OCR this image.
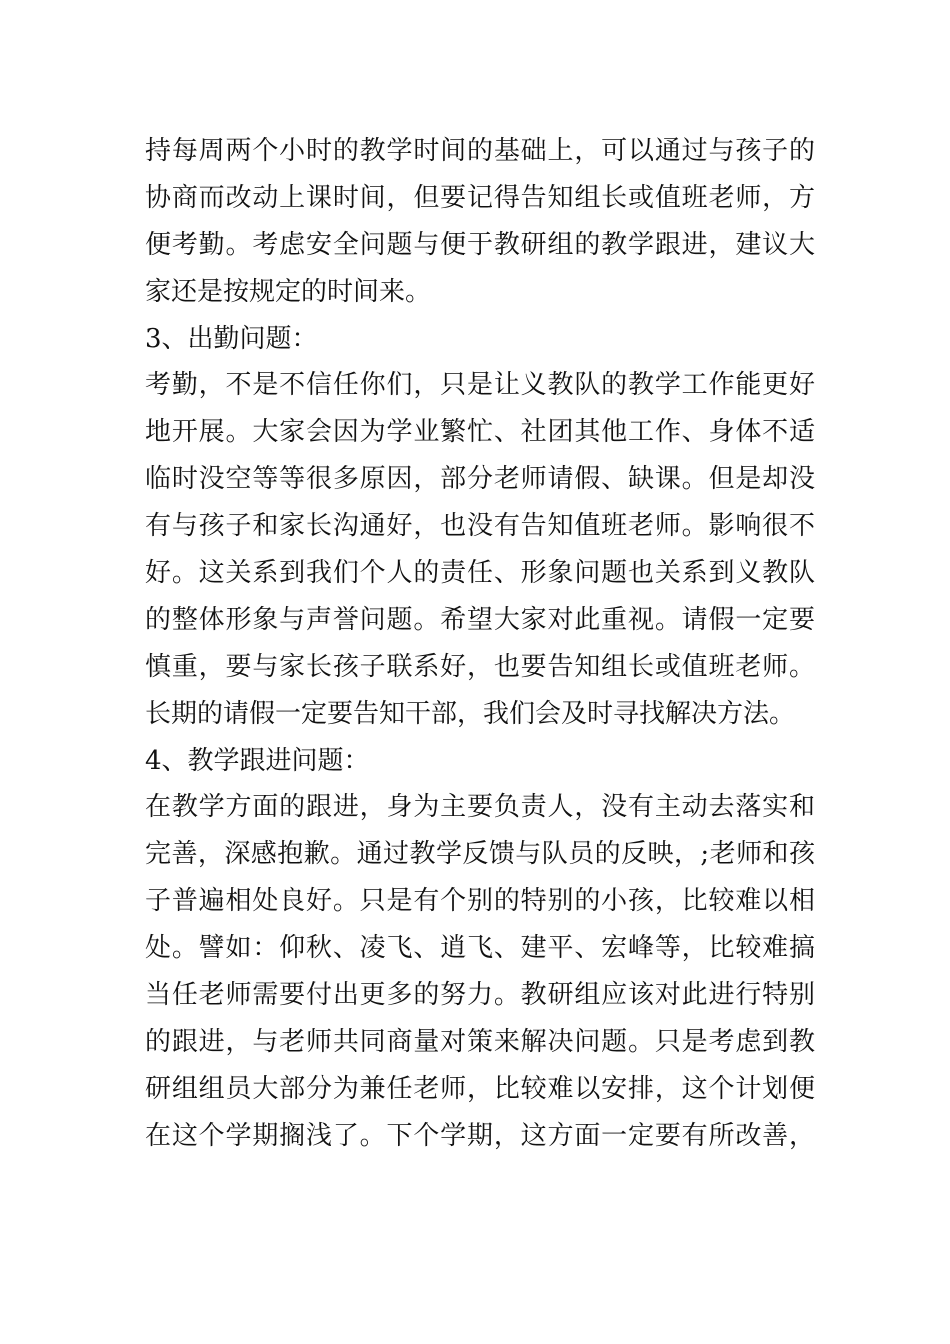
持每周两个小时的教学时间的基础上，可以通过与孩子的
协商而改动上课时间，但要记得告知组长或值班老师，方
便考勤。考虑安全问题与便于教研组的教学跟进，建议大
家还是按规定的时间来。
3、出勤问题：
考勤，不是不信任你们，只是让义教队的教学工作能更好
地开展。大家会因为学业繁忙、社团其他工作、身体不适
临时没空等等很多原因，部分老师请假、缺课。但是却没
有与孩子和家长沟通好，也没有告知值班老师。影响很不
好。这关系到我们个人的责任、形象问题也关系到义教队
的整体形象与声誉问题。希望大家对此重视。请假一定要
慎重，要与家长孩子联系好，也要告知组长或值班老师。
长期的请假一定要告知干部，我们会及时寻找解决方法。
4、教学跟进问题：
在教学方面的跟进，身为主要负责人，没有主动去落实和
完善，深感抱歉。通过教学反馈与队员的反映，;老师和孩
子普遍相处良好。只是有个别的特别的小孩，比较难以相
处。譬如：仰秋、凌飞、逍飞、建平、宏峰等，比较难搞
当任老师需要付出更多的努力。教研组应该对此进行特别
的跟进，与老师共同商量对策来解决问题。只是考虑到教
研组组员大部分为兼任老师，比较难以安排，这个计划便
在这个学期搁浅了。下个学期，这方面一定要有所改善，
